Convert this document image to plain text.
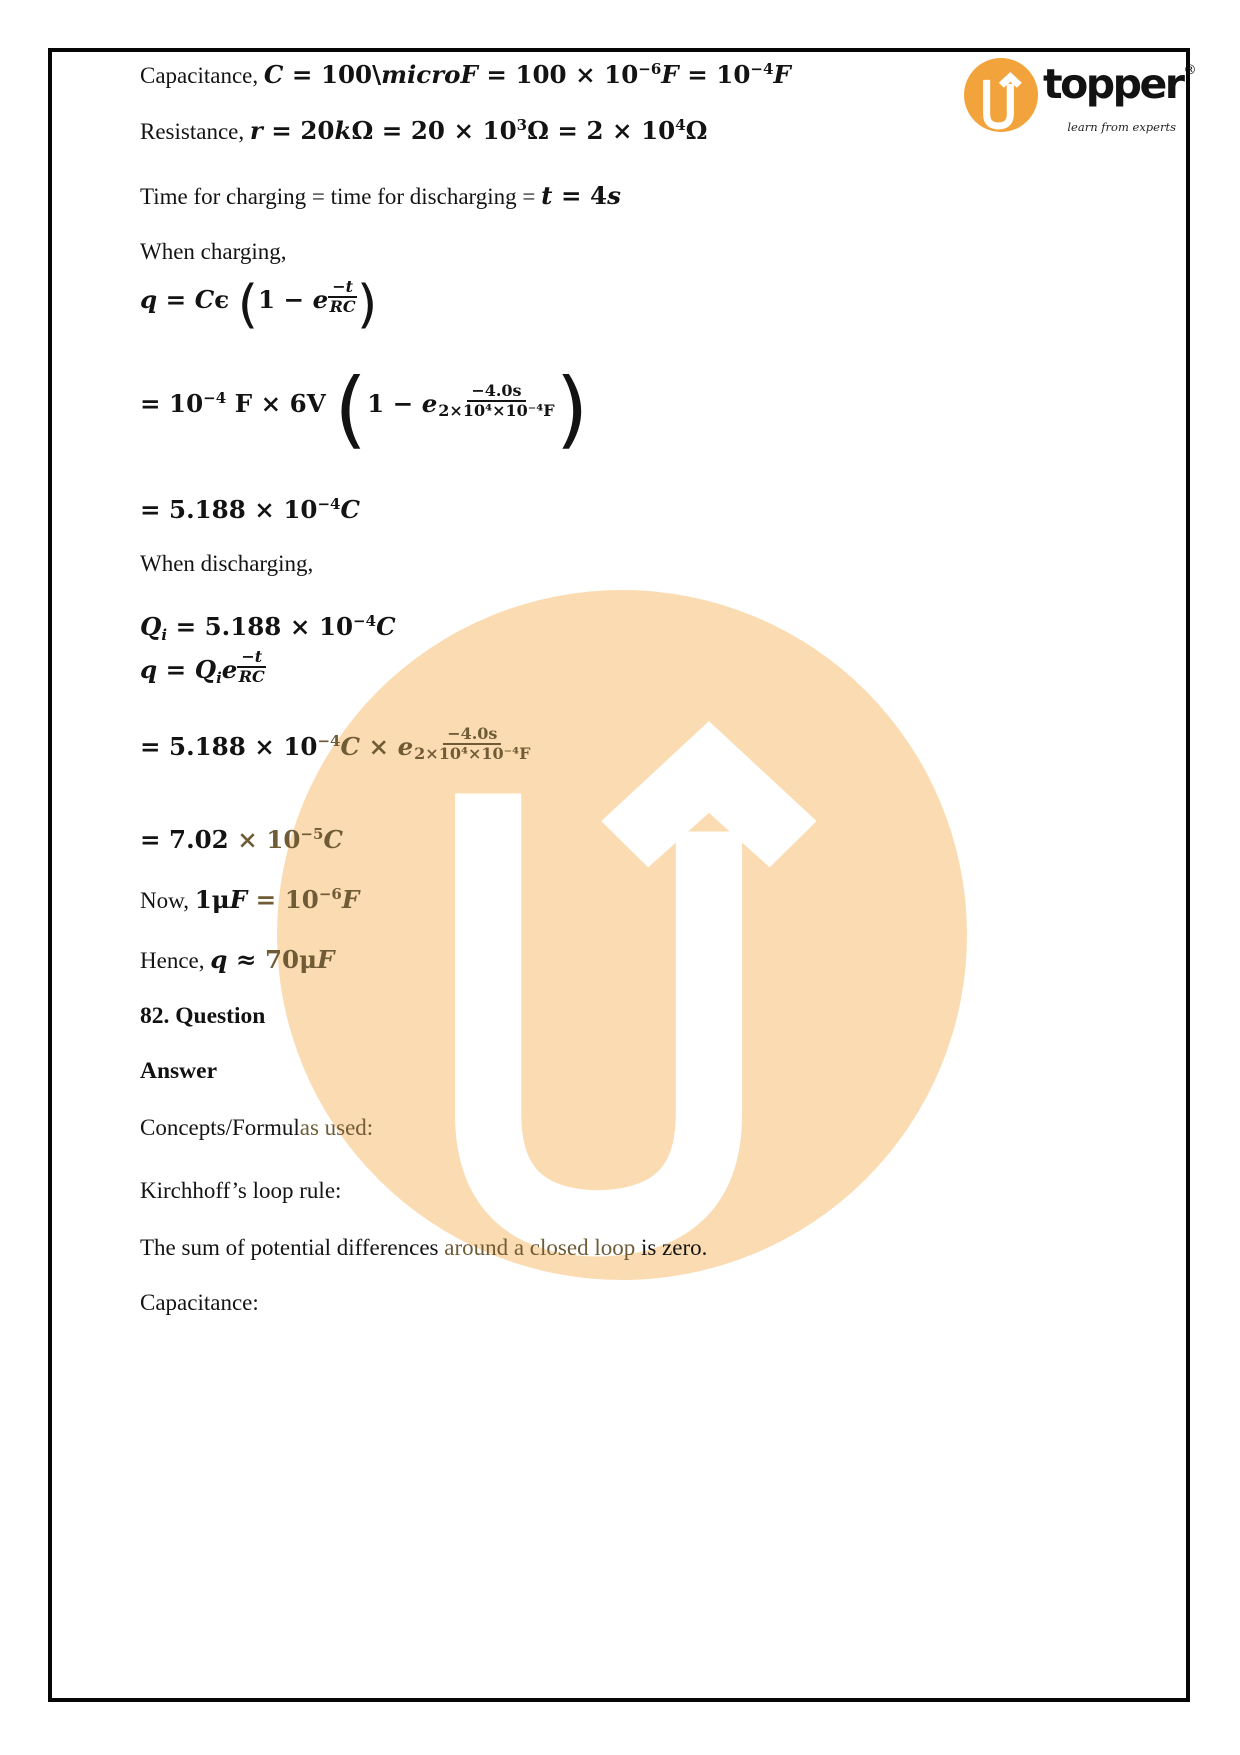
topper®
learn from experts
Capacitance, C = 100\microF = 100 × 10−6F = 10−4F
Resistance, r = 20kΩ = 20 × 103Ω = 2 × 104Ω
Time for charging = time for discharging = t = 4s
When charging,
q = Cϵ (1 − e $\frac{-t}{RC}$ )
= 10−4 F × 6V (1 − e $\frac{-4.0s}{\text{2×10⁴×10⁻⁴F}}$ )
= 5.188 × 10−4C
When discharging,
Qi = 5.188 × 10−4C
q = Qie $\frac{-t}{RC}$
= 5.188 × 10−4C × e $\frac{-4.0s}{\text{2×10⁴×10⁻⁴F}}$
= 7.02 × 10−5C
Now, 1μF = 10−6F
Hence, q ≈ 70μF
82. Question
Answer
Concepts/Formulas used:
Kirchhoff’s loop rule:
The sum of potential differences around a closed loop is zero.
Capacitance:
